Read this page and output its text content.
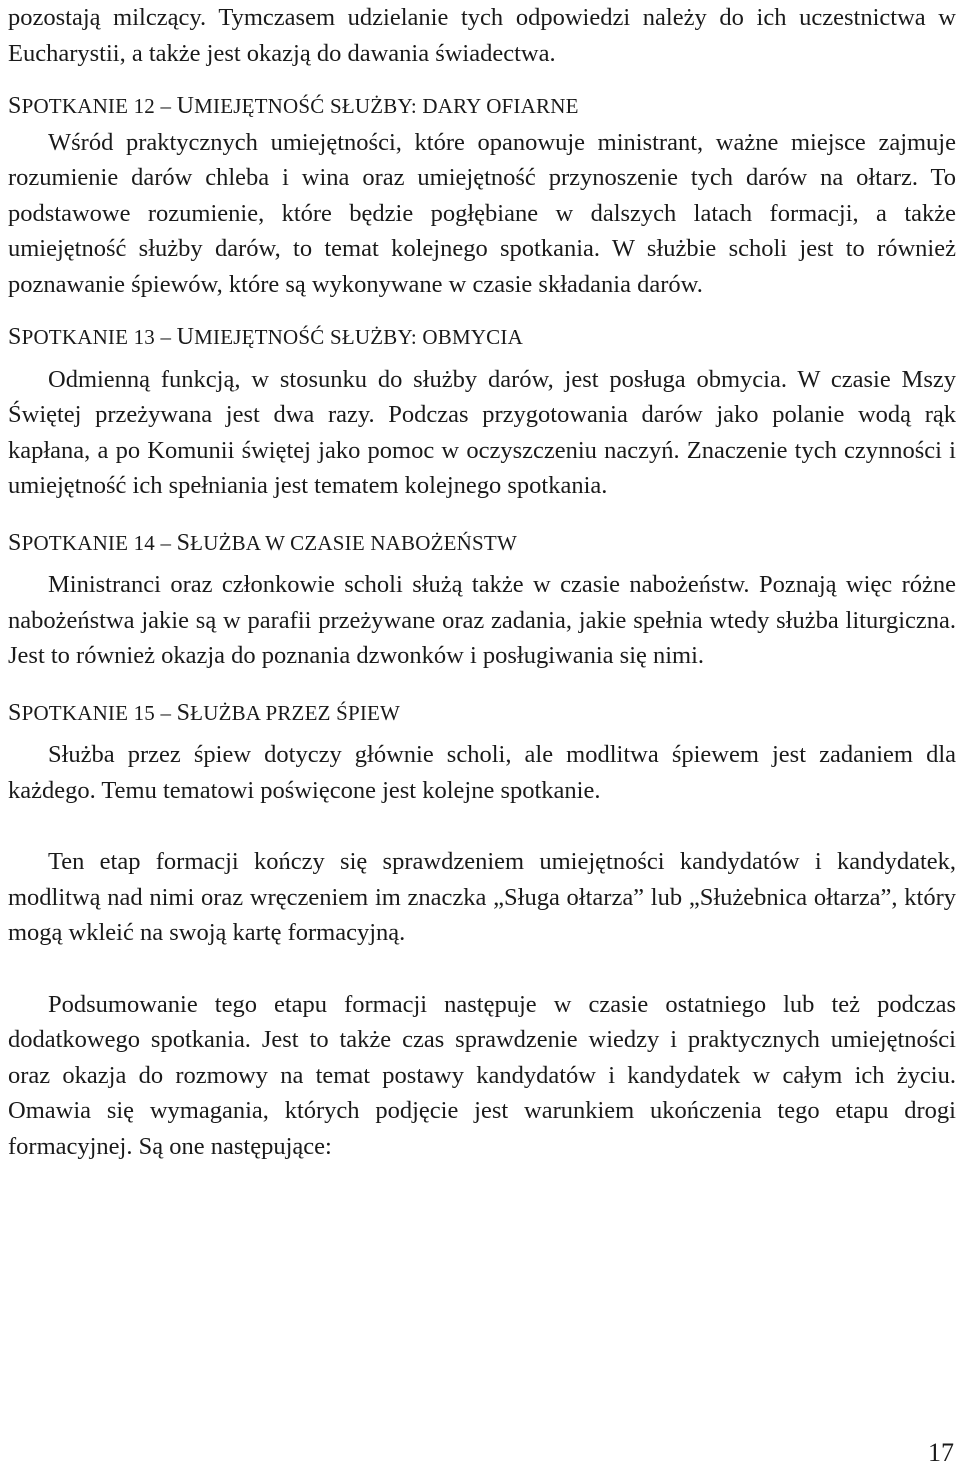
pozostają milczący. Tymczasem udzielanie tych odpowiedzi należy do ich uczestnictwa w Eucharystii, a także jest okazją do dawania świadectwa.

SPOTKANIE 12 – UMIEJĘTNOŚĆ SŁUŻBY: DARY OFIARNE

Wśród praktycznych umiejętności, które opanowuje ministrant, ważne miejsce zajmuje rozumienie darów chleba i wina oraz umiejętność przynoszenie tych darów na ołtarz. To podstawowe rozumienie, które będzie pogłębiane w dalszych latach formacji, a także umiejętność służby darów, to temat kolejnego spotkania. W służbie scholi jest to również poznawanie śpiewów, które są wykonywane w czasie składania darów.

SPOTKANIE 13 – UMIEJĘTNOŚĆ SŁUŻBY: OBMYCIA

Odmienną funkcją, w stosunku do służby darów, jest posługa obmycia. W czasie Mszy Świętej przeżywana jest dwa razy. Podczas przygotowania darów jako polanie wodą rąk kapłana, a po Komunii świętej jako pomoc w oczyszczeniu naczyń. Znaczenie tych czynności i umiejętność ich spełniania jest tematem kolejnego spotkania.

SPOTKANIE 14 – SŁUŻBA W CZASIE NABOŻEŃSTW

Ministranci oraz członkowie scholi służą także w czasie nabożeństw. Poznają więc różne nabożeństwa jakie są w parafii przeżywane oraz zadania, jakie spełnia wtedy służba liturgiczna. Jest to również okazja do poznania dzwonków i posługiwania się nimi.

SPOTKANIE 15 – SŁUŻBA PRZEZ ŚPIEW

Służba przez śpiew dotyczy głównie scholi, ale modlitwa śpiewem jest zadaniem dla każdego. Temu tematowi poświęcone jest kolejne spotkanie.

Ten etap formacji kończy się sprawdzeniem umiejętności kandydatów i kandydatek, modlitwą nad nimi oraz wręczeniem im znaczka „Sługa ołtarza” lub „Służebnica ołtarza”, który mogą wkleić na swoją kartę formacyjną.

Podsumowanie tego etapu formacji następuje w czasie ostatniego lub też podczas dodatkowego spotkania. Jest to także czas sprawdzenie wiedzy i praktycznych umiejętności oraz okazja do rozmowy na temat postawy kandydatów i kandydatek w całym ich życiu. Omawia się wymagania, których podjęcie jest warunkiem ukończenia tego etapu drogi formacyjnej. Są one następujące:

17
